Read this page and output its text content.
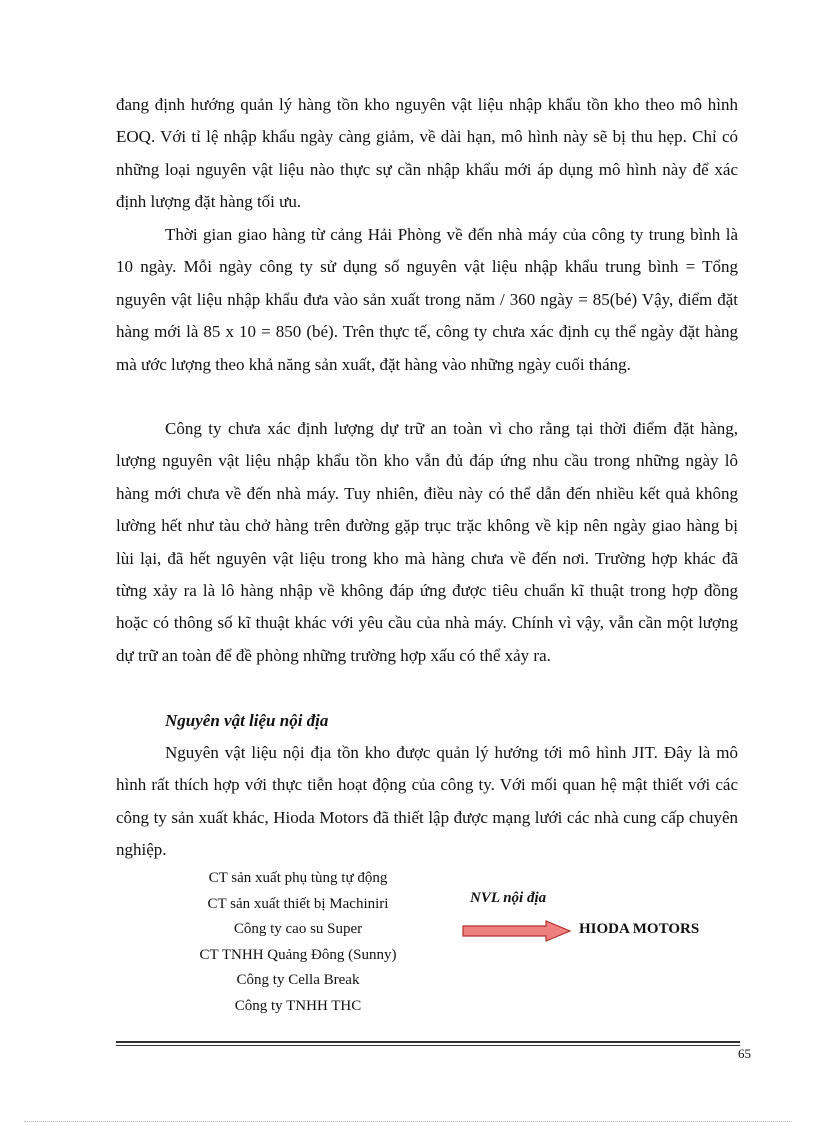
đang định hướng quản lý hàng tồn kho nguyên vật liệu nhập khẩu tồn kho theo mô hình EOQ. Với tỉ lệ nhập khẩu ngày càng giảm, về dài hạn, mô hình này sẽ bị thu hẹp. Chỉ có những loại nguyên vật liệu nào thực sự cần nhập khẩu mới áp dụng mô hình này để xác định lượng đặt hàng tối ưu.

Thời gian giao hàng từ cảng Hải Phòng về đến nhà máy của công ty trung bình là 10 ngày. Mỗi ngày công ty sử dụng số nguyên vật liệu nhập khẩu trung bình = Tổng nguyên vật liệu nhập khẩu đưa vào sản xuất trong năm / 360 ngày = 85(bé) Vậy, điểm đặt hàng mới là 85 x 10 = 850 (bé). Trên thực tế, công ty chưa xác định cụ thể ngày đặt hàng mà ước lượng theo khả năng sản xuất, đặt hàng vào những ngày cuối tháng.

Công ty chưa xác định lượng dự trữ an toàn vì cho rằng tại thời điểm đặt hàng, lượng nguyên vật liệu nhập khẩu tồn kho vẫn đủ đáp ứng nhu cầu trong những ngày lô hàng mới chưa về đến nhà máy. Tuy nhiên, điều này có thể dẫn đến nhiều kết quả không lường hết như tàu chở hàng trên đường gặp trục trặc không về kịp nên ngày giao hàng bị lùi lại, đã hết nguyên vật liệu trong kho mà hàng chưa về đến nơi. Trường hợp khác đã từng xảy ra là lô hàng nhập về không đáp ứng được tiêu chuẩn kĩ thuật trong hợp đồng hoặc có thông số kĩ thuật khác với yêu cầu của nhà máy. Chính vì vậy, vẫn cần một lượng dự trữ an toàn để đề phòng những trường hợp xấu có thể xảy ra.

Nguyên vật liệu nội địa

Nguyên vật liệu nội địa tồn kho được quản lý hướng tới mô hình JIT. Đây là mô hình rất thích hợp với thực tiễn hoạt động của công ty. Với mối quan hệ mật thiết với các công ty sản xuất khác, Hioda Motors đã thiết lập được mạng lưới các nhà cung cấp chuyên nghiệp.

CT sản xuất phụ tùng tự động
CT sản xuất thiết bị Machiniri
Công ty cao su Super
CT TNHH Quảng Đông (Sunny)
Công ty Cella Break
Công ty TNHH THC
NVL nội địa
HIODA MOTORS
65
